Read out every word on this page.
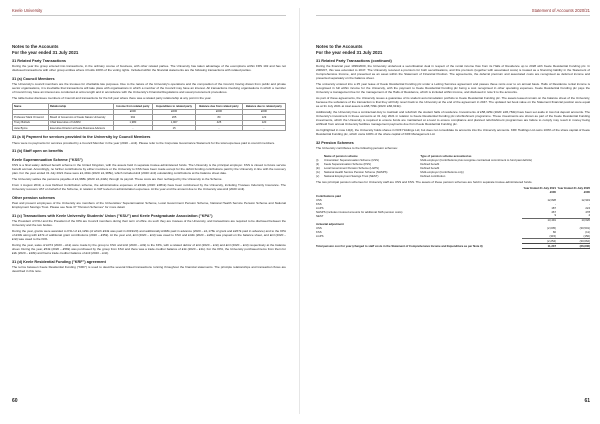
Keele University
Notes to the Accounts
For the year ended 31 July 2021
31 Related Party Transactions

During the year the group entered into transactions, in the ordinary course of business, with other related parties. The University has taken advantage of the exemptions within FRS 102 and has not disclosed transactions with other group entities where it holds 100% of the voting rights. Included within the financial statements are the following transactions with related parties.

31 (a) Council Members

The University's council members are the trustees for charitable law purposes. Due to the nature of the University's operations and the composition of the Council, having drawn from public and private sector organisations, it is inevitable that transactions will take place with organisations in which a member of the Council may have an interest. All transactions involving organisations in which a member of Council may have an interest are conducted at arms length and in accordance with the University's Financial Regulations and usual procurement procedures.

The table below discloses members of Council and transactions for the full year where there was a related party relationship at any point in the year.

Name	Relationship	Income from related party	Expenditure to related party	Balance due from related party	Balance due to related party
		£000	£000	£000	£000
Professor Mark Ormerod	Board of Governors of Keele Nature University	392	265	80	129
Tracy Bullock	Chief Executive of UHNM	1,980	1,907	425	120
Jane Byrne	Executive Director at Keele Business Advisors	-	15	-	-
31 (a ii) Payment for services provided to the University by Council Members

There were no payments for services provided by a Council Member in the year (2020 – £nil). Please refer to the Corporate Governance Statement for the total expenses paid to council members.

31 (b) Staff open on benefits
Keele Superannuation Scheme ("KSS")

KSS is a final salary defined benefit scheme in the United Kingdom, with the assets held in separate trustee-administered funds. The University is the principal employer. KSS is closed to future service benefit accrual. Accordingly, no further contributions by either members or the University to KSS have been made except for the deficit funding contributions paid by the University in line with the recovery plan. For the year ended 31 July 2021 these were £1,491k (2020: £1,385k), which included £nil (2020: £nil) outstanding contributions at the balance sheet date.

The University settles the pensions payable of £1,988k (2020: £1,442k) through its payroll. These costs are then recharged by the University to the Scheme.

From 1 August 2019, a new Defined Contribution scheme, the administrative expenses of £342k (2020: £381k) have been reimbursed by the University, including Trustees Indemnity Insurance. The University recovers VAT on behalf of the Scheme, in relation to VAT levied on administration expenses. At the year end the amount due to the University was £nil (2020: £nil).

Other pension schemes

Past and present employees of the University are members of the Universities' Superannuation Scheme, Local Government Pension Scheme, National Health Service Pension Scheme and National Employment Savings Trust. Please see Note 37 "Pension Schemes" for more detail.

31 (c) Transactions with Keele University Students' Union ("KSU") and Keele Postgraduate Association ("KPA")

The President of KSU and the President of the KPA are Council members during their term of office. As such they are trustees of the University, and transactions are required to be disclosed between the University and the two bodies.

During the year, grants were awarded to KSU of £1,129k (of which £34k was paid in 2019/20) and additionally £348k paid in advance (2020 – £1,176k of grant and £267k paid in advance) and to the KPA of £33k along with £47k of additional grant contributions (2020 – £35k). At the year end, £nil (2020 – £nil) was owed to KSU and £44k (2020 – £26k) was prepaid on the balance sheet, and £nil (2020 – £nil) was owed to the KPA.

During the year, sales of £374 (2020 – £1k) were made by the group to KSU and £nil (2020 – £3k) to the KPA, with a related debtor of £nil (2020 – £nil) and £nil (2020 – £nil) respectively at the balance sheet. During the year, £54k (2020 – £58k) was purchased by the group from KSU and there was a trade creditor balance of £1k (2020 – £1k). For the KPA, the University purchased items from them for £2k (2020 – £18k) and had a trade creditor balance of £nil (2020 – £nil).

31 (d) Keele Residential Funding ("KRF") agreement

The terms between Keele Residential Funding ("KRF") is used to describe several linked transactions running throughout the financial statements. The principle relationships and transaction flows are described in this note.

60
Statement of Accounts 2020/21
Notes to the Accounts
For the year ended 31 July 2021
31 Related Party Transactions (continued)

During the financial year 1999/2000, the University undertook a securitisation deal in respect of the rental income flow from its Halls of Residence up to 2028 with Keele Residential Funding plc. In 2006/07, this was extended to 2047. The University received a premium for both securitisations, and this premium (together with associated costs) is treated as a financing liability in the Statement of Comprehensive Income, and presented as an asset within the Statement of Financial Position. The agreements, the deferral premium and associated costs are recognised as deferred income and presented separately on the balance sheet.

The university entered into a 25 year lease of Keele Residential Funding plc under a Letting Services agreement and passes these rents over to an annual basis. Halls of Residence rental income is recognised in full within income for the University, with the payment to Keele Residential Funding plc being a cost recognised in other operating expenses. Keele Residential Funding plc pays the University a management fee for the management of the Halls of Residence, which is included within income, and disclosed in note 9 to the accounts.

As part of these agreements, the University issues a guarantee of its student accommodation portfolio to Keele Residential Funding plc. The assets leased remain on the balance sheet of the University, because the substance of the transaction is that they will fully revert back to the University at the end of the agreement in 2047. The updated net book value on the Statement financial position were equal as at 31 July 2021 at total assets is £68,739k (2020: £66,913k).

Additionally, the University has a contractual duty to maintain and refurbish the student halls of residence. Investments of £58,425k (2020: £36,784k) have been set aside in low risk deposit accounts. The University's investment in these accounts at 31 July 2021 in relation to Keele Residential Funding plc refurbishment programme. These investments are shown as part of the Keele Residential Funding investments, which the University is required to ensure funds are maintained at a level to ensure compliance and planned refurbishment programmes are failure to comply may result in money being withheld from annual University facilities management payments due from Keele Residential Funding plc.

As highlighted in note 13(d), the University holds shares in KRF Holdings Ltd, but does not consolidate its accounts into the University accounts. KRF Holdings Ltd owns 100% of the share capital of Keele Residential Funding plc, which owns 100% of the share capital of KRF Management Ltd.

32 Pension Schemes

The University contributes to the following pension schemes:

	Name of pension scheme	Type of pension scheme accounted as
(i)	Universities' Superannuation Scheme (USS)	Multi-employer (Contributions plus recognise contractual commitment to fund past deficits)
(ii)	Keele Superannuation Scheme (KSS)	Defined benefit
(iii)	Local Government Pension Scheme (LGPS)	Defined benefit
(iv)	National Health Service Pension Scheme (NHSPS)	Multi-employer (Contributions only)
(v)	National Employment Savings Trust (NEST)	Defined contribution

The two principal pension schemes for University staff are USS and KSS. The assets of these pension schemes are held in separate trustee-administered funds.

	Year Ended 31 July 2021	Year Ended 31 July 2020
	£000	£000
Contributions paid		
USS	12,828	12,919
KSS	-	-
LGPS	187	224
NHSPS (includes invoiced amounts for additional NHS pension costs)	467	478
NEST	9	4
	13,491	13,626
Actuarial adjustment		
USS	(2,005)	(30,501)
KSS	66	(11)
LGPS	(315)	(150)
	(2,254)	(30,662)
Total pension cost for year (charged to staff costs in the Statement of Comprehensive Income and Expenditure as per Note 9)	11,237	(26,606)
61
